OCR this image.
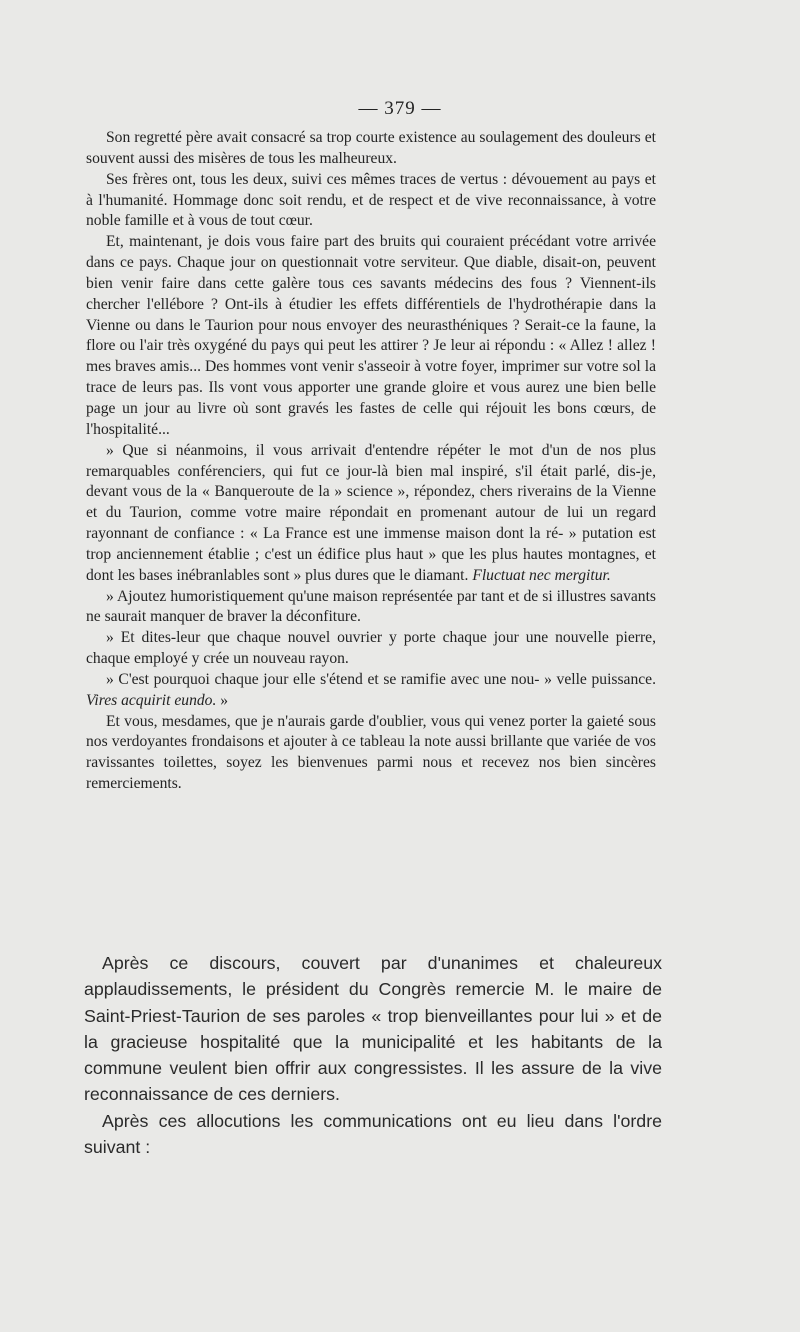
— 379 —

Son regretté père avait consacré sa trop courte existence au soulagement des douleurs et souvent aussi des misères de tous les malheureux.

Ses frères ont, tous les deux, suivi ces mêmes traces de vertus : dévouement au pays et à l'humanité. Hommage donc soit rendu, et de respect et de vive reconnaissance, à votre noble famille et à vous de tout cœur.

Et, maintenant, je dois vous faire part des bruits qui couraient précédant votre arrivée dans ce pays. Chaque jour on questionnait votre serviteur. Que diable, disait-on, peuvent bien venir faire dans cette galère tous ces savants médecins des fous ? Viennent-ils chercher l'ellébore ? Ont-ils à étudier les effets différentiels de l'hydrothérapie dans la Vienne ou dans le Taurion pour nous envoyer des neurasthéniques ? Serait-ce la faune, la flore ou l'air très oxygéné du pays qui peut les attirer ? Je leur ai répondu : « Allez ! allez ! mes braves amis... Des hommes vont venir s'asseoir à votre foyer, imprimer sur votre sol la trace de leurs pas. Ils vont vous apporter une grande gloire et vous aurez une bien belle page un jour au livre où sont gravés les fastes de celle qui réjouit les bons cœurs, de l'hospitalité...

» Que si néanmoins, il vous arrivait d'entendre répéter le mot d'un de nos plus remarquables conférenciers, qui fut ce jour-là bien mal inspiré, s'il était parlé, dis-je, devant vous de la « Banqueroute de la » science », répondez, chers riverains de la Vienne et du Taurion, comme votre maire répondait en promenant autour de lui un regard rayonnant de confiance : « La France est une immense maison dont la ré- » putation est trop anciennement établie ; c'est un édifice plus haut » que les plus hautes montagnes, et dont les bases inébranlables sont » plus dures que le diamant. Fluctuat nec mergitur.

» Ajoutez humoristiquement qu'une maison représentée par tant et de si illustres savants ne saurait manquer de braver la déconfiture.

» Et dites-leur que chaque nouvel ouvrier y porte chaque jour une nouvelle pierre, chaque employé y crée un nouveau rayon.

» C'est pourquoi chaque jour elle s'étend et se ramifie avec une nou- » velle puissance. Vires acquirit eundo. »

Et vous, mesdames, que je n'aurais garde d'oublier, vous qui venez porter la gaieté sous nos verdoyantes frondaisons et ajouter à ce tableau la note aussi brillante que variée de vos ravissantes toilettes, soyez les bienvenues parmi nous et recevez nos bien sincères remerciements.

Après ce discours, couvert par d'unanimes et chaleureux applaudissements, le président du Congrès remercie M. le maire de Saint-Priest-Taurion de ses paroles « trop bienveillantes pour lui » et de la gracieuse hospitalité que la municipalité et les habitants de la commune veulent bien offrir aux congressistes. Il les assure de la vive reconnaissance de ces derniers.

Après ces allocutions les communications ont eu lieu dans l'ordre suivant :
